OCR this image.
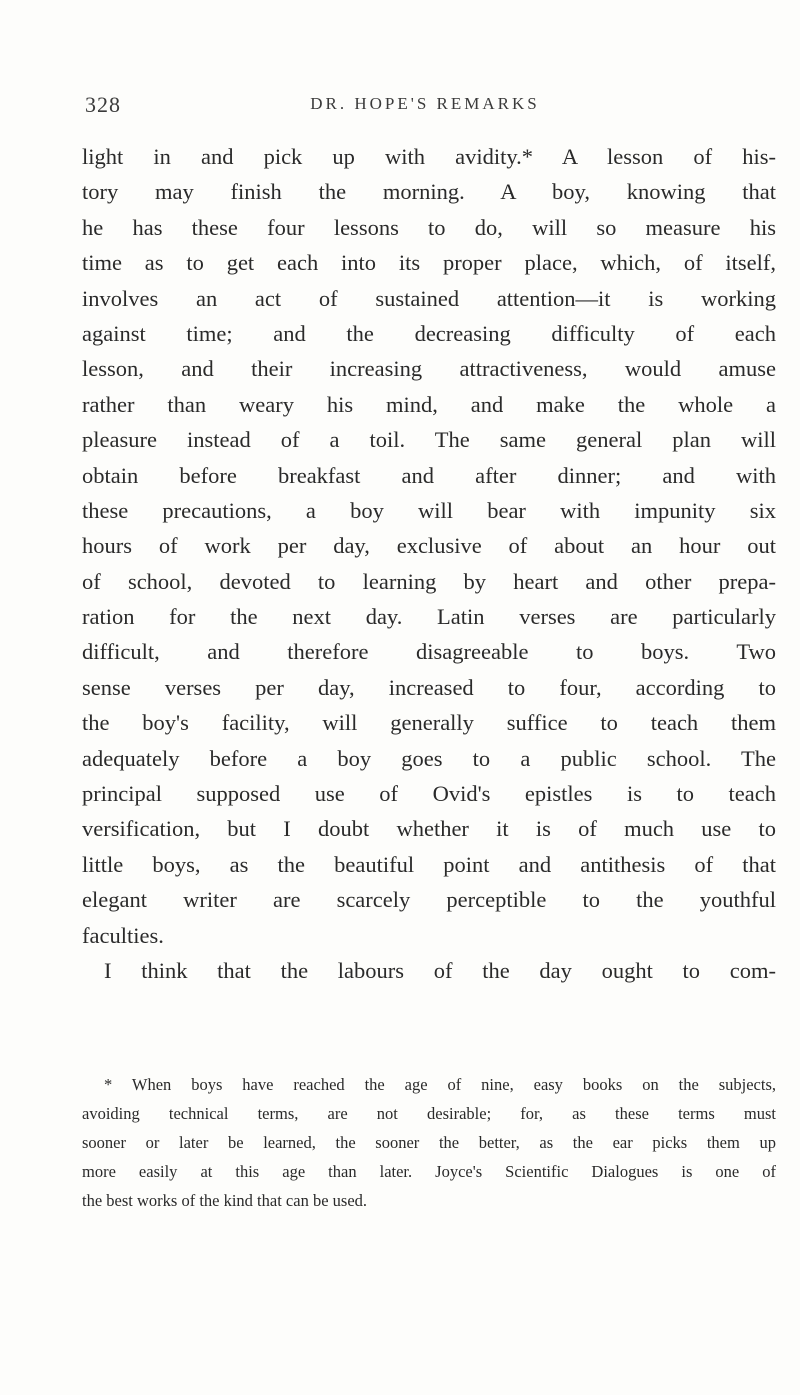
328	DR. HOPE'S REMARKS
light in and pick up with avidity.* A lesson of his-
tory may finish the morning. A boy, knowing that
he has these four lessons to do, will so measure his
time as to get each into its proper place, which, of itself,
involves an act of sustained attention—it is working
against time; and the decreasing difficulty of each
lesson, and their increasing attractiveness, would amuse
rather than weary his mind, and make the whole a
pleasure instead of a toil. The same general plan will
obtain before breakfast and after dinner; and with
these precautions, a boy will bear with impunity six
hours of work per day, exclusive of about an hour out
of school, devoted to learning by heart and other prepa-
ration for the next day. Latin verses are particularly
difficult, and therefore disagreeable to boys. Two
sense verses per day, increased to four, according to
the boy's facility, will generally suffice to teach them
adequately before a boy goes to a public school. The
principal supposed use of Ovid's epistles is to teach
versification, but I doubt whether it is of much use to
little boys, as the beautiful point and antithesis of that
elegant writer are scarcely perceptible to the youthful
faculties.
I think that the labours of the day ought to com-
* When boys have reached the age of nine, easy books on the subjects,
avoiding technical terms, are not desirable; for, as these terms must
sooner or later be learned, the sooner the better, as the ear picks them up
more easily at this age than later. Joyce's Scientific Dialogues is one of
the best works of the kind that can be used.
